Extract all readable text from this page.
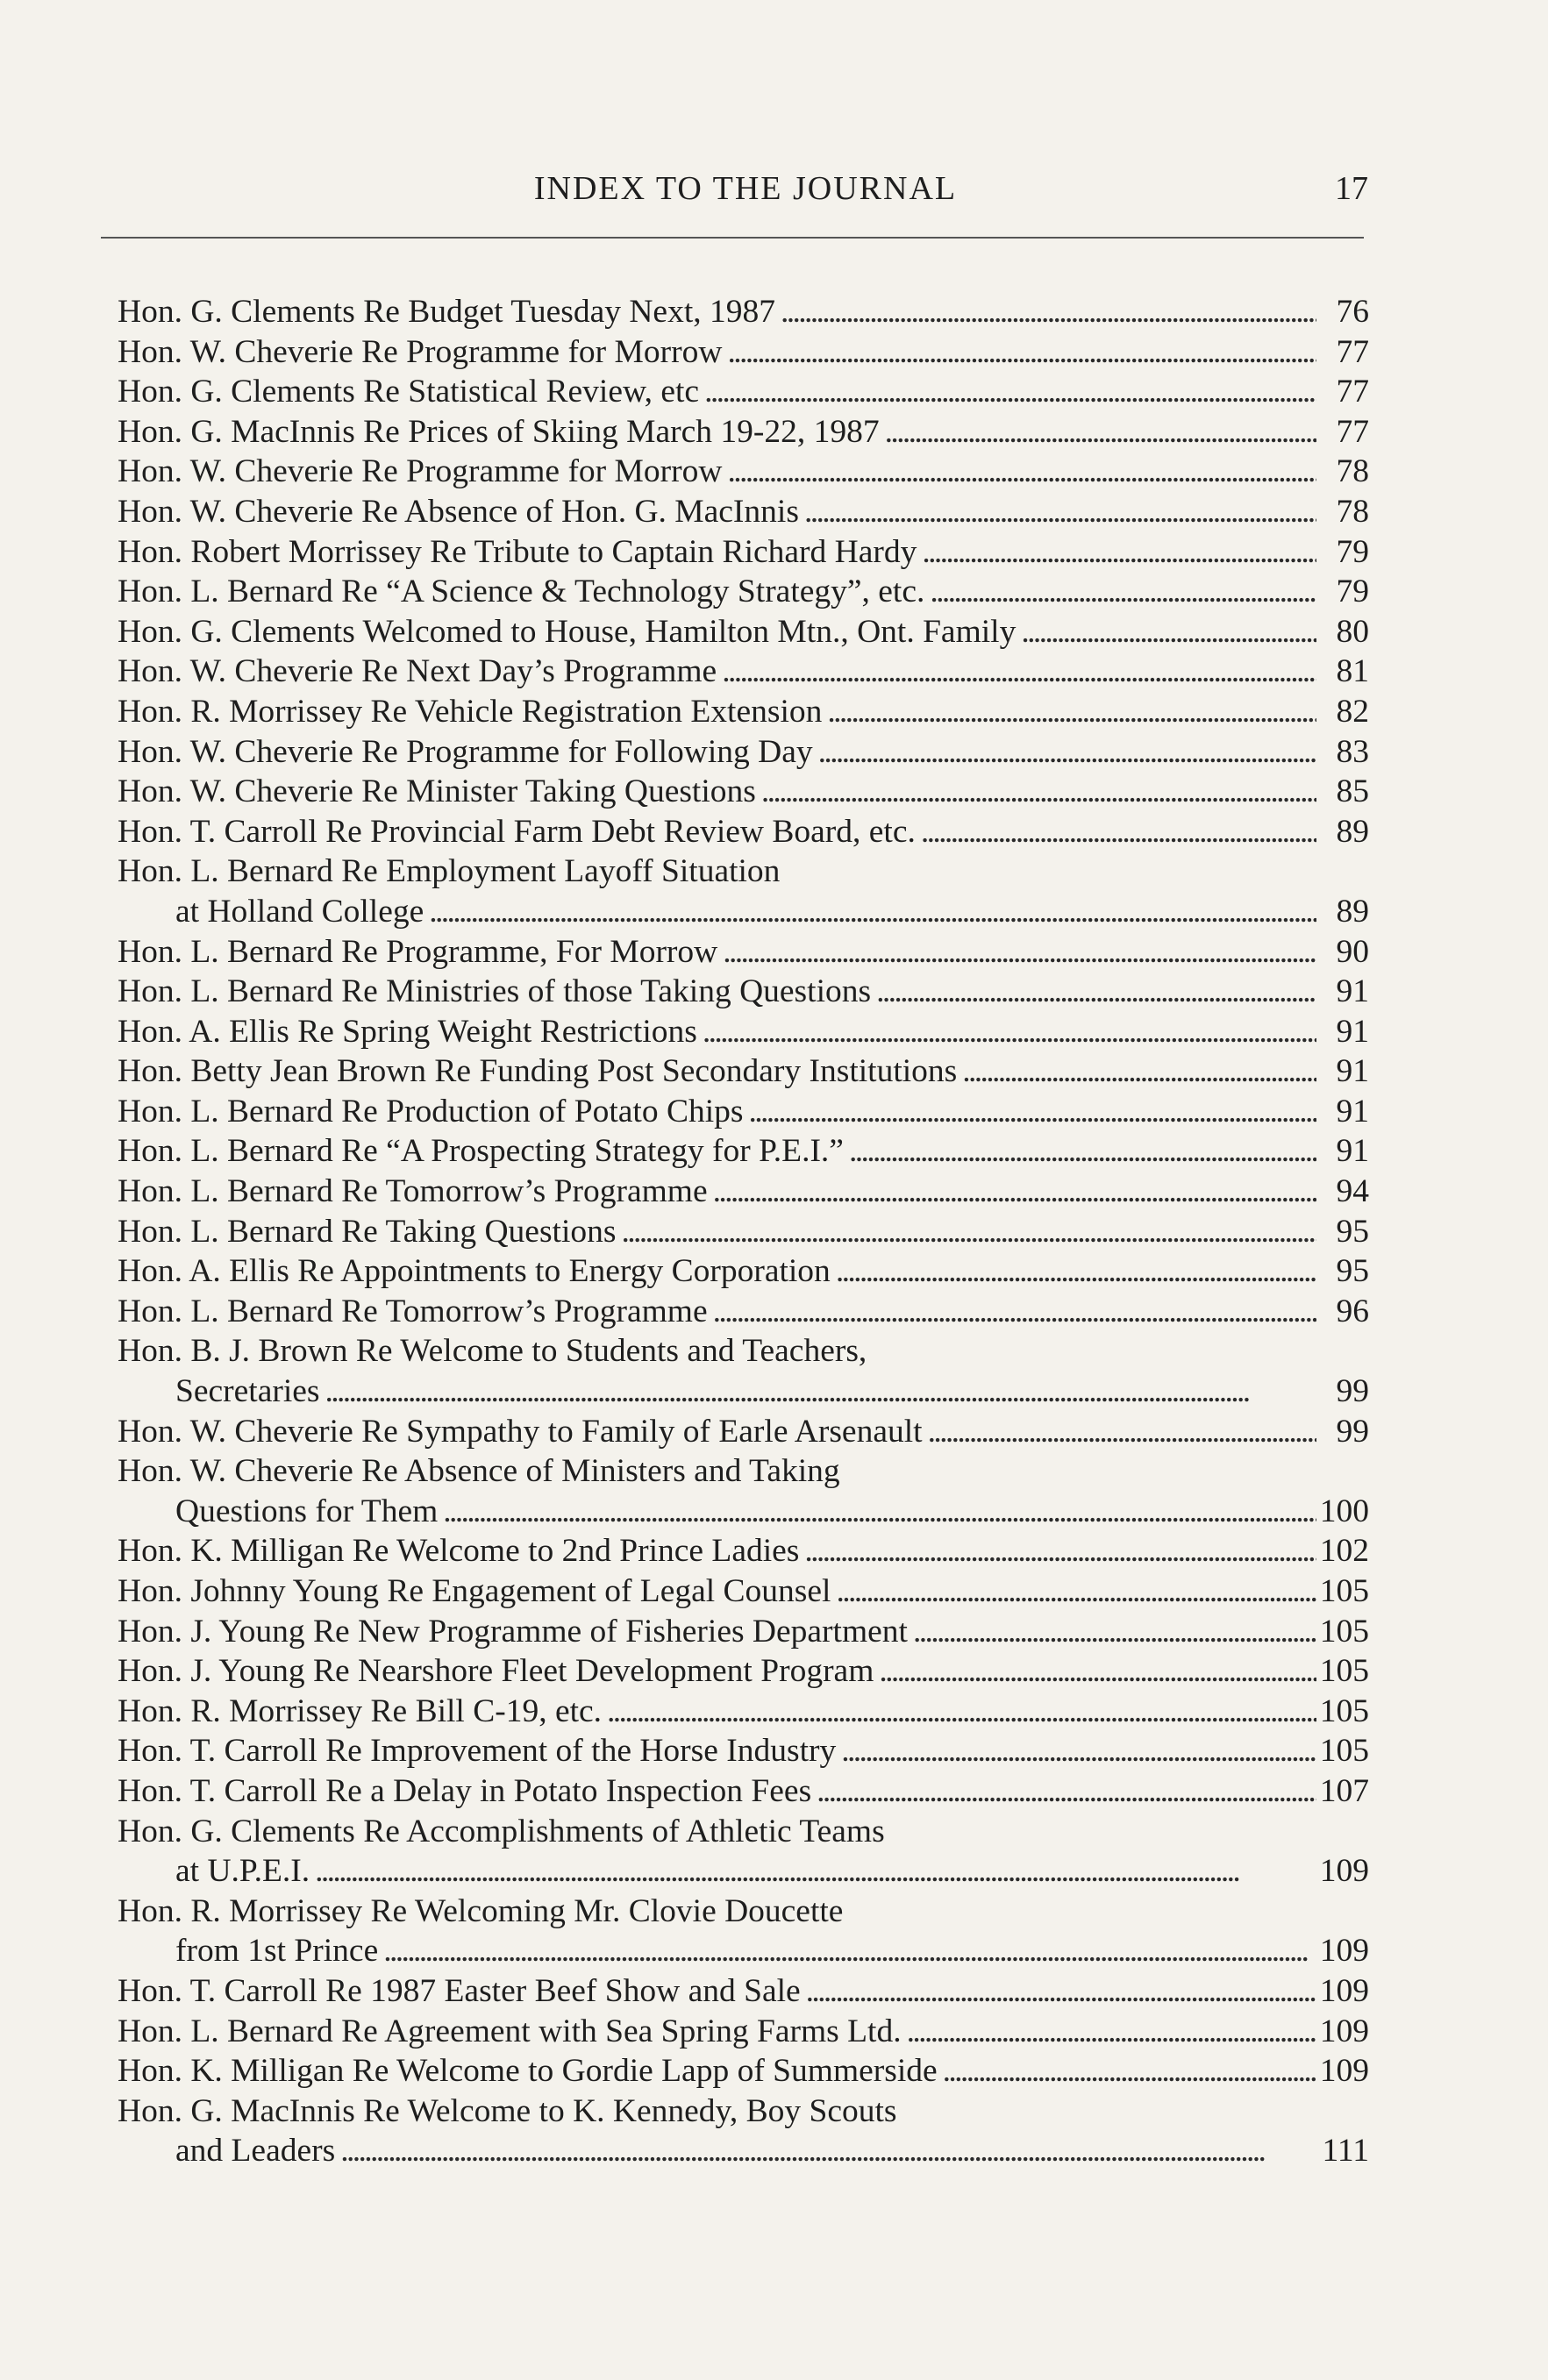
INDEX TO THE JOURNAL	17
Hon. G. Clements Re Budget Tuesday Next, 1987 . . .	76
Hon. W. Cheverie Re Programme for Morrow . . .	77
Hon. G. Clements Re Statistical Review, etc . . .	77
Hon. G. MacInnis Re Prices of Skiing March 19-22, 1987 . . .	77
Hon. W. Cheverie Re Programme for Morrow . . .	78
Hon. W. Cheverie Re Absence of Hon. G. MacInnis . . .	78
Hon. Robert Morrissey Re Tribute to Captain Richard Hardy . . .	79
Hon. L. Bernard Re “A Science & Technology Strategy”, etc. . . .	79
Hon. G. Clements Welcomed to House, Hamilton Mtn., Ont. Family . . .	80
Hon. W. Cheverie Re Next Day’s Programme . . .	81
Hon. R. Morrissey Re Vehicle Registration Extension . . .	82
Hon. W. Cheverie Re Programme for Following Day . . .	83
Hon. W. Cheverie Re Minister Taking Questions . . .	85
Hon. T. Carroll Re Provincial Farm Debt Review Board, etc. . . .	89
Hon. L. Bernard Re Employment Layoff Situation
at Holland College . . .	89
Hon. L. Bernard Re Programme, For Morrow . . .	90
Hon. L. Bernard Re Ministries of those Taking Questions . . .	91
Hon. A. Ellis Re Spring Weight Restrictions . . .	91
Hon. Betty Jean Brown Re Funding Post Secondary Institutions . . .	91
Hon. L. Bernard Re Production of Potato Chips . . .	91
Hon. L. Bernard Re “A Prospecting Strategy for P.E.I.” . . .	91
Hon. L. Bernard Re Tomorrow’s Programme . . .	94
Hon. L. Bernard Re Taking Questions . . .	95
Hon. A. Ellis Re Appointments to Energy Corporation . . .	95
Hon. L. Bernard Re Tomorrow’s Programme . . .	96
Hon. B. J. Brown Re Welcome to Students and Teachers,
Secretaries . . .	99
Hon. W. Cheverie Re Sympathy to Family of Earle Arsenault . . .	99
Hon. W. Cheverie Re Absence of Ministers and Taking
Questions for Them . . .	100
Hon. K. Milligan Re Welcome to 2nd Prince Ladies . . .	102
Hon. Johnny Young Re Engagement of Legal Counsel . . .	105
Hon. J. Young Re New Programme of Fisheries Department . . .	105
Hon. J. Young Re Nearshore Fleet Development Program . . .	105
Hon. R. Morrissey Re Bill C-19, etc. . . .	105
Hon. T. Carroll Re Improvement of the Horse Industry . . .	105
Hon. T. Carroll Re a Delay in Potato Inspection Fees . . .	107
Hon. G. Clements Re Accomplishments of Athletic Teams
at U.P.E.I. . . .	109
Hon. R. Morrissey Re Welcoming Mr. Clovie Doucette
from 1st Prince . . .	109
Hon. T. Carroll Re 1987 Easter Beef Show and Sale . . .	109
Hon. L. Bernard Re Agreement with Sea Spring Farms Ltd. . . .	109
Hon. K. Milligan Re Welcome to Gordie Lapp of Summerside . . .	109
Hon. G. MacInnis Re Welcome to K. Kennedy, Boy Scouts
and Leaders . . .	111
